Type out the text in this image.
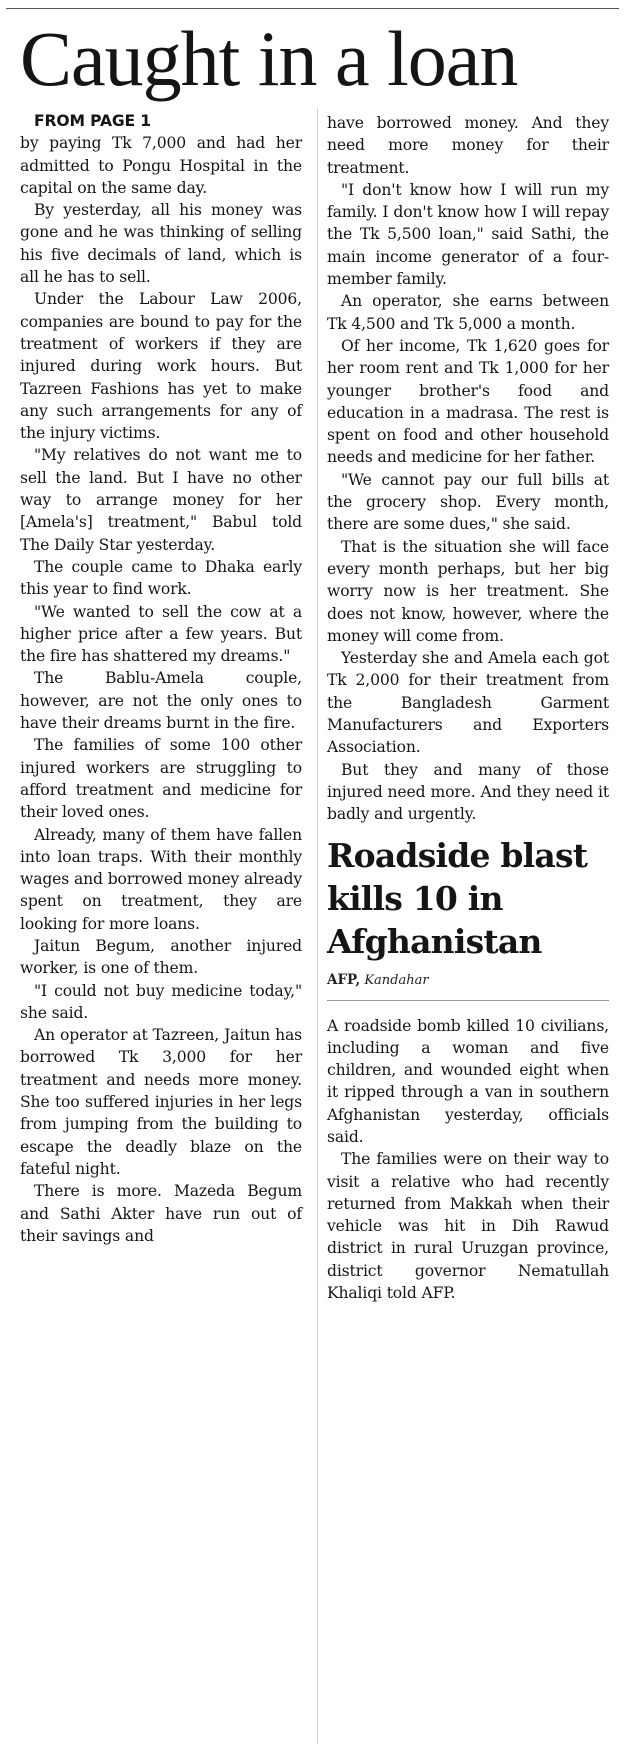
Caught in a loan

FROM PAGE 1

by paying Tk 7,000 and had her admitted to Pongu Hospital in the capital on the same day.

By yesterday, all his money was gone and he was thinking of selling his five decimals of land, which is all he has to sell.

Under the Labour Law 2006, companies are bound to pay for the treatment of workers if they are injured during work hours. But Tazreen Fashions has yet to make any such arrangements for any of the injury victims.

"My relatives do not want me to sell the land. But I have no other way to arrange money for her [Amela's] treatment," Babul told The Daily Star yesterday.

The couple came to Dhaka early this year to find work.

"We wanted to sell the cow at a higher price after a few years. But the fire has shattered my dreams."

The Bablu-Amela couple, however, are not the only ones to have their dreams burnt in the fire.

The families of some 100 other injured workers are struggling to afford treatment and medicine for their loved ones.

Already, many of them have fallen into loan traps. With their monthly wages and borrowed money already spent on treatment, they are looking for more loans.

Jaitun Begum, another injured worker, is one of them.

"I could not buy medicine today," she said.

An operator at Tazreen, Jaitun has borrowed Tk 3,000 for her treatment and needs more money. She too suffered injuries in her legs from jumping from the building to escape the deadly blaze on the fateful night.

There is more. Mazeda Begum and Sathi Akter have run out of their savings and

have borrowed money. And they need more money for their treatment.

"I don't know how I will run my family. I don't know how I will repay the Tk 5,500 loan," said Sathi, the main income generator of a four-member family.

An operator, she earns between Tk 4,500 and Tk 5,000 a month.

Of her income, Tk 1,620 goes for her room rent and Tk 1,000 for her younger brother's food and education in a madrasa. The rest is spent on food and other household needs and medicine for her father.

"We cannot pay our full bills at the grocery shop. Every month, there are some dues," she said.

That is the situation she will face every month perhaps, but her big worry now is her treatment. She does not know, however, where the money will come from.

Yesterday she and Amela each got Tk 2,000 for their treatment from the Bangladesh Garment Manufacturers and Exporters Association.

But they and many of those injured need more. And they need it badly and urgently.

Roadside blast kills 10 in Afghanistan
AFP, Kandahar

A roadside bomb killed 10 civilians, including a woman and five children, and wounded eight when it ripped through a van in southern Afghanistan yesterday, officials said.

The families were on their way to visit a relative who had recently returned from Makkah when their vehicle was hit in Dih Rawud district in rural Uruzgan province, district governor Nematullah Khaliqi told AFP.
